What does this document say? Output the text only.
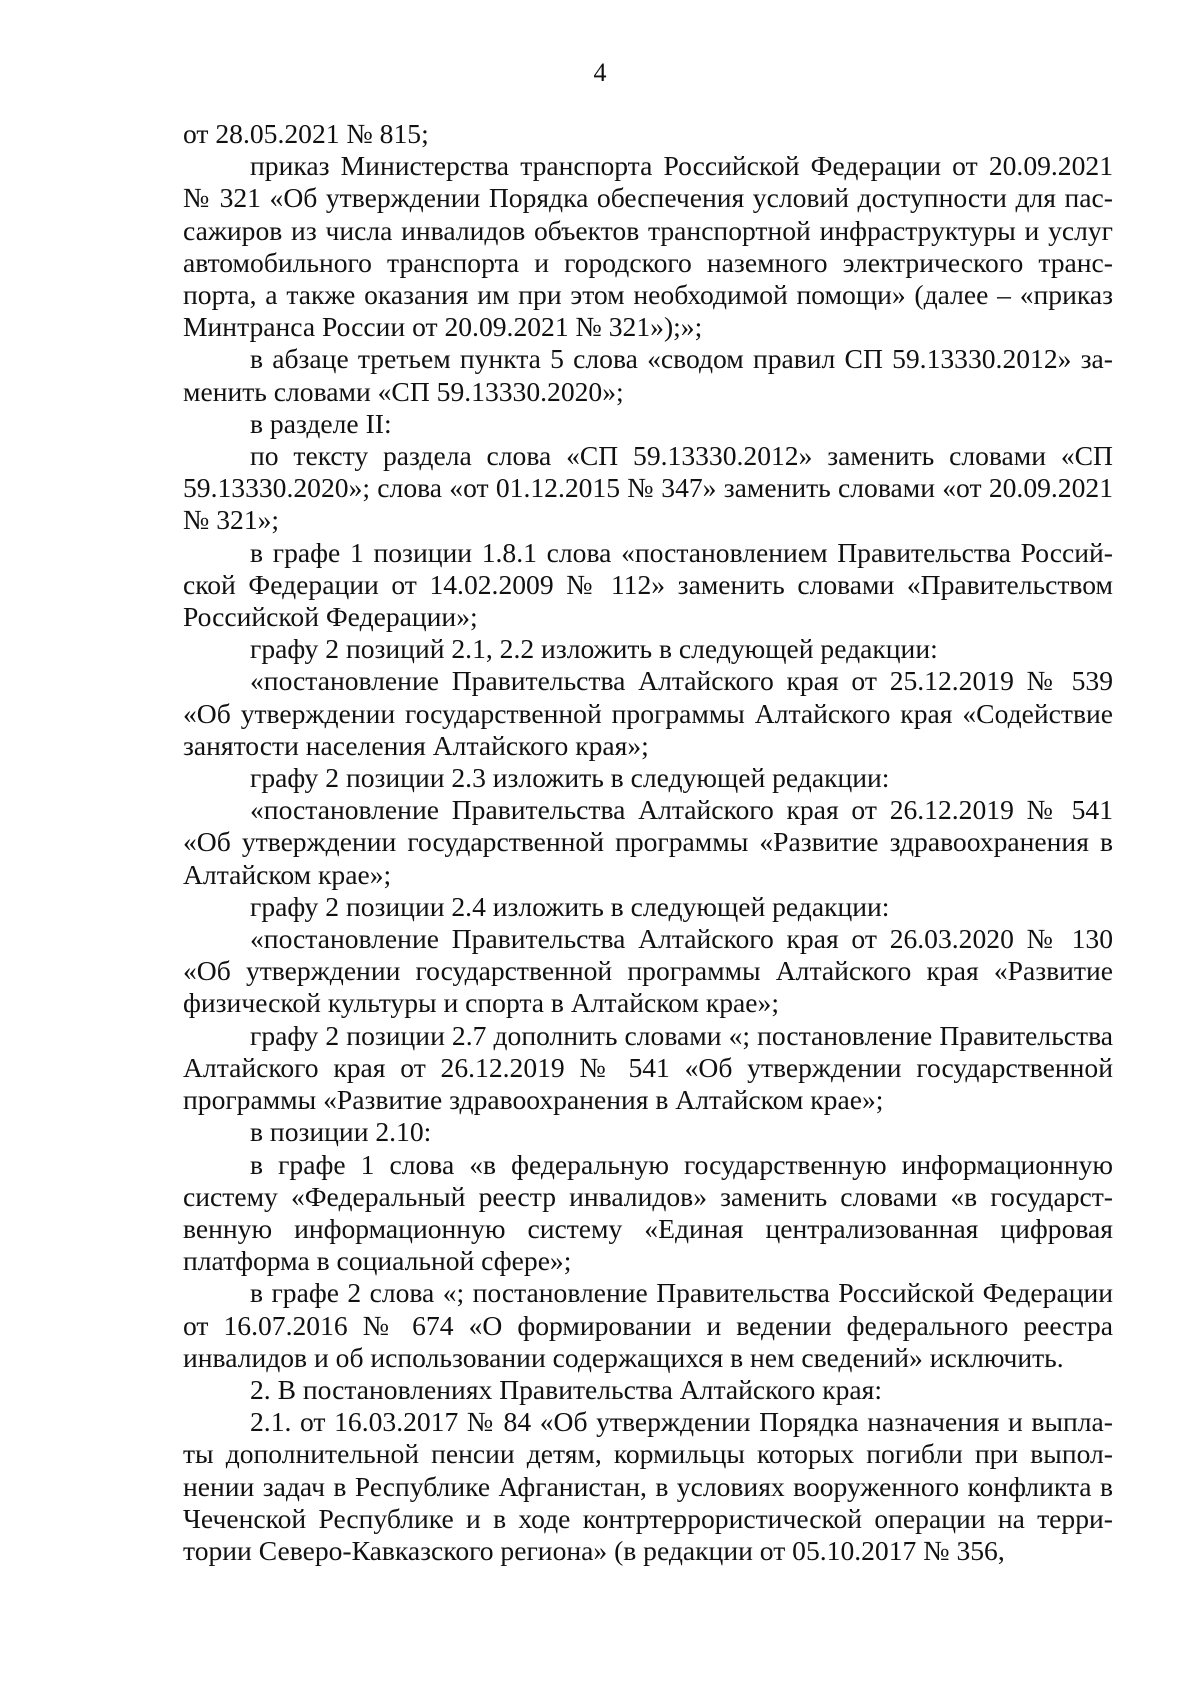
4

от 28.05.2021 № 815;

приказ Министерства транспорта Российской Федерации от 20.09.2021 № 321 «Об утверждении Порядка обеспечения условий доступности для пассажиров из числа инвалидов объектов транспортной инфраструктуры и услуг автомобильного транспорта и городского наземного электрического транспорта, а также оказания им при этом необходимой помощи» (далее – «приказ Минтранса России от 20.09.2021 № 321»);»;

в абзаце третьем пункта 5 слова «сводом правил СП 59.13330.2012» заменить словами «СП 59.13330.2020»;

в разделе II:

по тексту раздела слова «СП 59.13330.2012» заменить словами «СП 59.13330.2020»; слова «от 01.12.2015 № 347» заменить словами «от 20.09.2021 № 321»;

в графе 1 позиции 1.8.1 слова «постановлением Правительства Российской Федерации от 14.02.2009 № 112» заменить словами «Правительством Российской Федерации»;

графу 2 позиций 2.1, 2.2 изложить в следующей редакции:

«постановление Правительства Алтайского края от 25.12.2019 № 539 «Об утверждении государственной программы Алтайского края «Содействие занятости населения Алтайского края»;

графу 2 позиции 2.3 изложить в следующей редакции:

«постановление Правительства Алтайского края от 26.12.2019 № 541 «Об утверждении государственной программы «Развитие здравоохранения в Алтайском крае»;

графу 2 позиции 2.4 изложить в следующей редакции:

«постановление Правительства Алтайского края от 26.03.2020 № 130 «Об утверждении государственной программы Алтайского края «Развитие физической культуры и спорта в Алтайском крае»;

графу 2 позиции 2.7 дополнить словами «; постановление Правительства Алтайского края от 26.12.2019 № 541 «Об утверждении государственной программы «Развитие здравоохранения в Алтайском крае»;

в позиции 2.10:

в графе 1 слова «в федеральную государственную информационную систему «Федеральный реестр инвалидов» заменить словами «в государственную информационную систему «Единая централизованная цифровая платформа в социальной сфере»;

в графе 2 слова «; постановление Правительства Российской Федерации от 16.07.2016 № 674 «О формировании и ведении федерального реестра инвалидов и об использовании содержащихся в нем сведений» исключить.

2. В постановлениях Правительства Алтайского края:

2.1. от 16.03.2017 № 84 «Об утверждении Порядка назначения и выплаты дополнительной пенсии детям, кормильцы которых погибли при выполнении задач в Республике Афганистан, в условиях вооруженного конфликта в Чеченской Республике и в ходе контртеррористической операции на территории Северо-Кавказского региона» (в редакции от 05.10.2017 № 356,
